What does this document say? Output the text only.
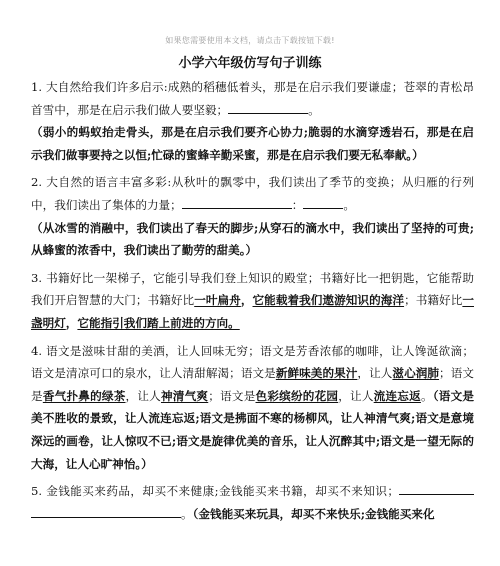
如果您需要使用本文档，请点击下载按钮下载!
小学六年级仿写句子训练

1. 大自然给我们许多启示:成熟的稻穗低着头，那是在启示我们要谦虚；苍翠的青松昂首雪中，那是在启示我们做人要坚毅；	。

（弱小的蚂蚁抬走骨头，那是在启示我们要齐心协力;脆弱的水滴穿透岩石，那是在启示我们做事要持之以恒;忙碌的蜜蜂辛勤采蜜，那是在启示我们要无私奉献。）

2. 大自然的语言丰富多彩:从秋叶的飘零中，我们读出了季节的变换；从归雁的行列中，我们读出了集体的力量；	：	。

（从冰雪的消融中，我们读出了春天的脚步;从穿石的滴水中，我们读出了坚持的可贵;从蜂蜜的浓香中，我们读出了勤劳的甜美。）

3. 书籍好比一架梯子，它能引导我们登上知识的殿堂；书籍好比一把钥匙，它能帮助我们开启智慧的大门；书籍好比一叶扁舟，它能载着我们遨游知识的海洋；书籍好比一盏明灯，它能指引我们踏上前进的方向。

4. 语文是滋味甘甜的美酒，让人回味无穷；语文是芳香浓郁的咖啡，让人馋涎欲滴；语文是清凉可口的泉水，让人清甜解渴；语文是新鲜味美的果汁，让人滋心润肺；语文是香气扑鼻的绿茶，让人神清气爽；语文是色彩缤纷的花园，让人流连忘返。（语文是美不胜收的景致，让人流连忘返;语文是拂面不寒的杨柳风，让人神清气爽;语文是意境深远的画卷，让人惊叹不已;语文是旋律优美的音乐，让人沉醉其中;语文是一望无际的大海，让人心旷神怡。）

5. 金钱能买来药品，却买不来健康;金钱能买来书籍，却买不来知识；。（金钱能买来玩具，却买不来快乐;金钱能买来化
